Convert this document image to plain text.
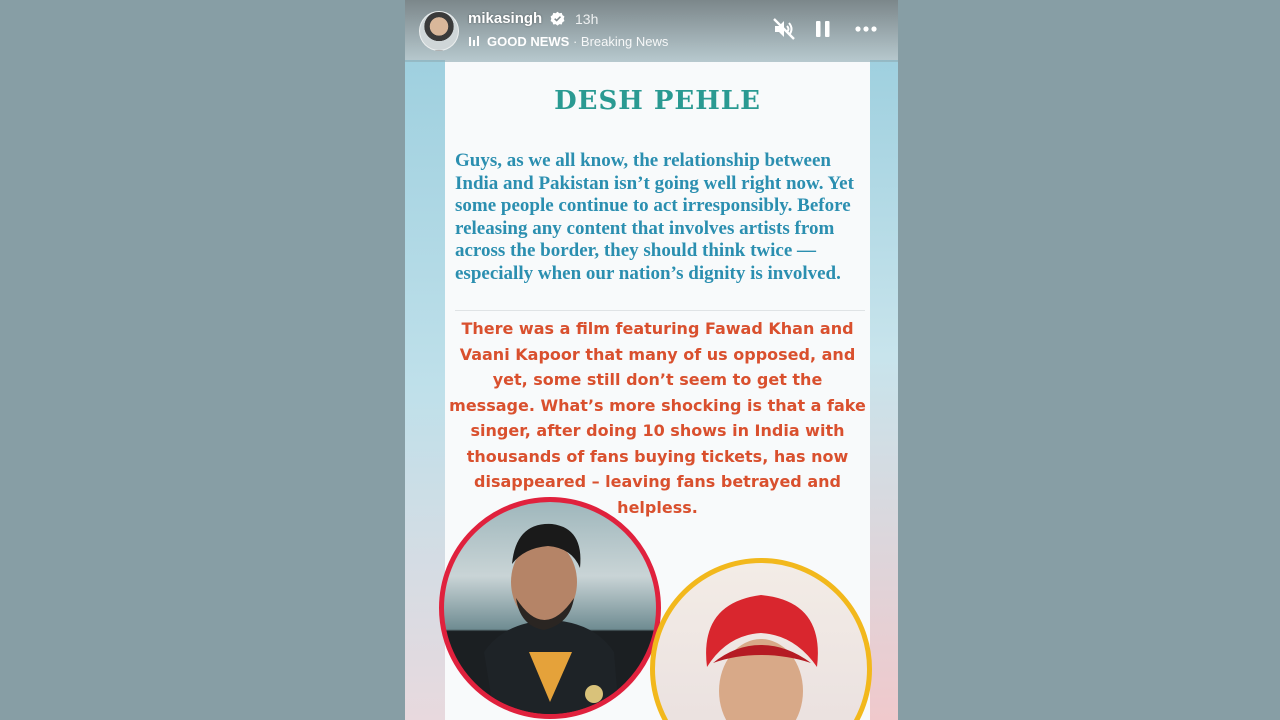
DESH PEHLE

Guys, as we all know, the relationship between India and Pakistan isn’t going well right now. Yet some people continue to act irresponsibly. Before releasing any content that involves artists from across the border, they should think twice — especially when our nation’s dignity is involved.

There was a film featuring Fawad Khan and Vaani Kapoor that many of us opposed, and yet, some still don’t seem to get the message. What’s more shocking is that a fake singer, after doing 10 shows in India with thousands of fans buying tickets, has now disappeared – leaving fans betrayed and helpless.

mikasingh 13h
GOOD NEWS · Breaking News
